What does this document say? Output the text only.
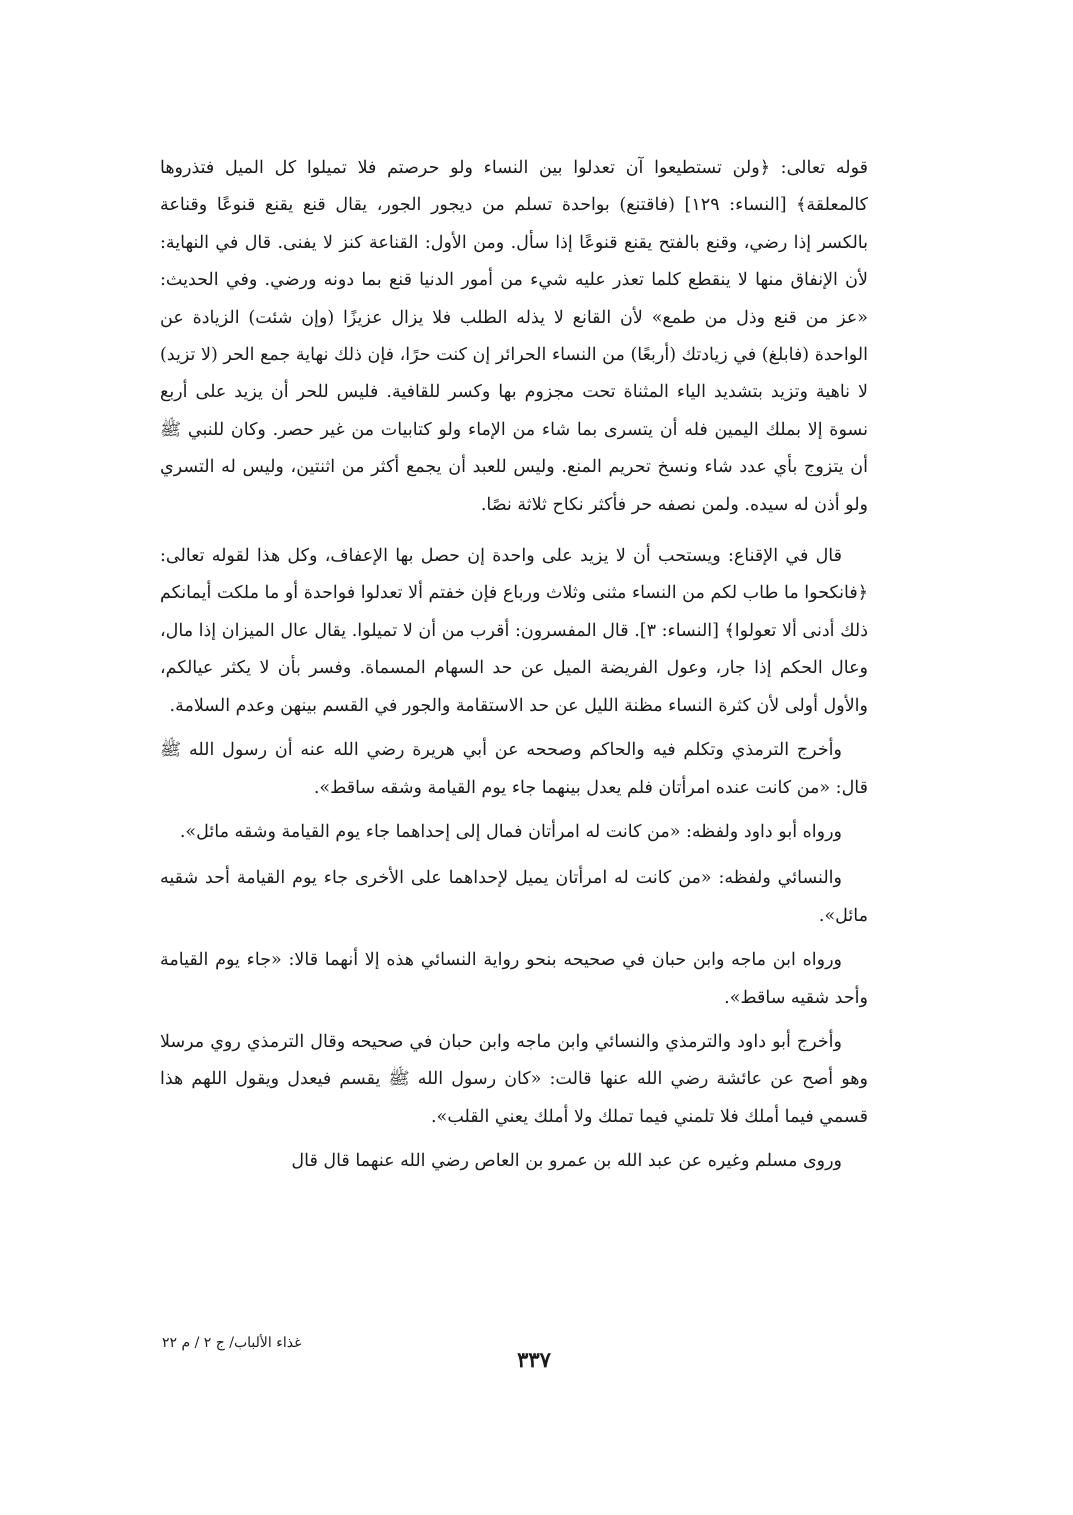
قوله تعالى: ﴿ولن تستطيعوا آن تعدلوا بين النساء ولو حرصتم فلا تميلوا كل الميل فتذروها كالمعلقة﴾ [النساء: ١٢٩] (فاقتنع) بواحدة تسلم من ديجور الجور، يقال قنع يقنع قنوعًا وقناعة بالكسر إذا رضي، وقنع بالفتح يقنع قنوعًا إذا سأل. ومن الأول: القناعة كنز لا يفنى. قال في النهاية: لأن الإنفاق منها لا ينقطع كلما تعذر عليه شيء من أمور الدنيا قنع بما دونه ورضي. وفي الحديث: «عز من قنع وذل من طمع» لأن القانع لا يذله الطلب فلا يزال عزيزًا (وإن شئت) الزيادة عن الواحدة (فابلغ) في زيادتك (أربعًا) من النساء الحرائر إن كنت حرًا، فإن ذلك نهاية جمع الحر (لا تزيد) لا ناهية وتزيد بتشديد الياء المثناة تحت مجزوم بها وكسر للقافية. فليس للحر أن يزيد على أربع نسوة إلا بملك اليمين فله أن يتسرى بما شاء من الإماء ولو كتابيات من غير حصر. وكان للنبي ﷺ أن يتزوج بأي عدد شاء ونسخ تحريم المنع. وليس للعبد أن يجمع أكثر من اثنتين، وليس له التسري ولو أذن له سيده. ولمن نصفه حر فأكثر نكاح ثلاثة نصًا.

قال في الإقناع: ويستحب أن لا يزيد على واحدة إن حصل بها الإعفاف، وكل هذا لقوله تعالى: ﴿فانكحوا ما طاب لكم من النساء مثنى وثلاث ورباع فإن خفتم ألا تعدلوا فواحدة أو ما ملكت أيمانكم ذلك أدنى ألا تعولوا﴾ [النساء: ٣]. قال المفسرون: أقرب من أن لا تميلوا. يقال عال الميزان إذا مال، وعال الحكم إذا جار، وعول الفريضة الميل عن حد السهام المسماة. وفسر بأن لا يكثر عيالكم، والأول أولى لأن كثرة النساء مظنة الليل عن حد الاستقامة والجور في القسم بينهن وعدم السلامة.

وأخرج الترمذي وتكلم فيه والحاكم وصححه عن أبي هريرة رضي الله عنه أن رسول الله ﷺ قال: «من كانت عنده امرأتان فلم يعدل بينهما جاء يوم القيامة وشقه ساقط».

ورواه أبو داود ولفظه: «من كانت له امرأتان فمال إلى إحداهما جاء يوم القيامة وشقه مائل».

والنسائي ولفظه: «من كانت له امرأتان يميل لإحداهما على الأخرى جاء يوم القيامة أحد شقيه مائل».

ورواه ابن ماجه وابن حبان في صحيحه بنحو رواية النسائي هذه إلا أنهما قالا: «جاء يوم القيامة وأحد شقيه ساقط».

وأخرج أبو داود والترمذي والنسائي وابن ماجه وابن حبان في صحيحه وقال الترمذي روي مرسلا وهو أصح عن عائشة رضي الله عنها قالت: «كان رسول الله ﷺ يقسم فيعدل ويقول اللهم هذا قسمي فيما أملك فلا تلمني فيما تملك ولا أملك يعني القلب».

وروى مسلم وغيره عن عبد الله بن عمرو بن العاص رضي الله عنهما قال قال

غذاء الألباب/ ج ٢ / م ٢٢
٣٣٧
